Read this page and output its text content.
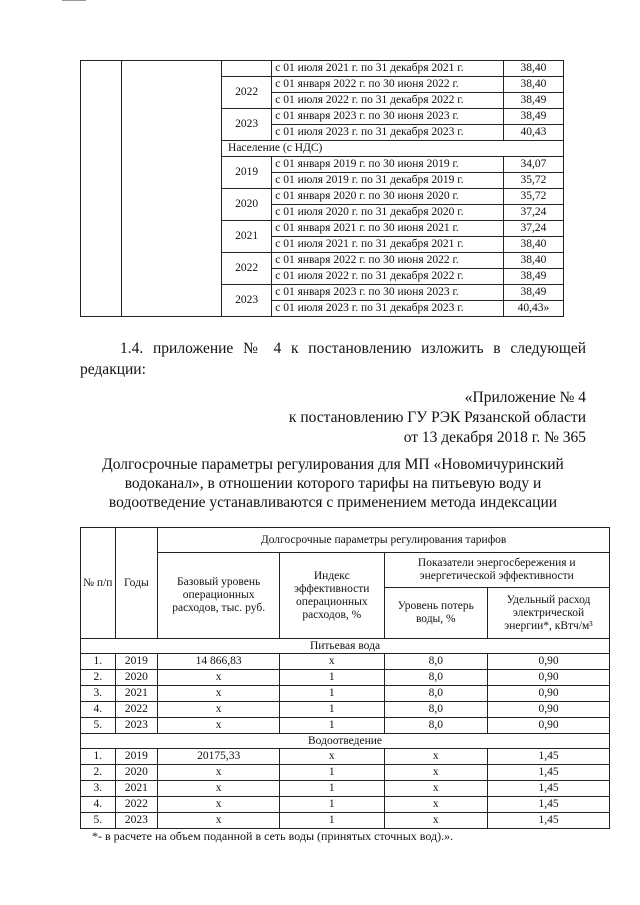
			с 01 июля 2021 г. по 31 декабря 2021 г.	38,40
		2022	с 01 января 2022 г. по 30 июня 2022 г.	38,40
			с 01 июля 2022 г. по 31 декабря 2022 г.	38,49
		2023	с 01 января 2023 г. по 30 июня 2023 г.	38,49
			с 01 июля 2023 г. по 31 декабря 2023 г.	40,43
		Население (с НДС)		
		2019	с 01 января 2019 г. по 30 июня 2019 г.	34,07
			с 01 июля 2019 г. по 31 декабря 2019 г.	35,72
		2020	с 01 января 2020 г. по 30 июня 2020 г.	35,72
			с 01 июля 2020 г. по 31 декабря 2020 г.	37,24
		2021	с 01 января 2021 г. по 30 июня 2021 г.	37,24
			с 01 июля 2021 г. по 31 декабря 2021 г.	38,40
		2022	с 01 января 2022 г. по 30 июня 2022 г.	38,40
			с 01 июля 2022 г. по 31 декабря 2022 г.	38,49
		2023	с 01 января 2023 г. по 30 июня 2023 г.	38,49
			с 01 июля 2023 г. по 31 декабря 2023 г.	40,43»
1.4. приложение № 4 к постановлению изложить в следующей
редакции:
«Приложение № 4
к постановлению ГУ РЭК Рязанской области
от 13 декабря 2018 г. № 365
Долгосрочные параметры регулирования для МП «Новомичуринский
водоканал», в отношении которого тарифы на питьевую воду и
водоотведение устанавливаются с применением метода индексации
№ п/п	Годы	Долгосрочные параметры регулирования тарифов			
		Базовый уровень операционных расходов, тыс. руб.	Индекс эффективности операционных расходов, %	Показатели энергосбережения и энергетической эффективности	
				Уровень потерь воды, %	Удельный расход электрической энергии*, кВтч/м³
Питьевая вода					
1.	2019	14 866,83	x	8,0	0,90
2.	2020	x	1	8,0	0,90
3.	2021	x	1	8,0	0,90
4.	2022	x	1	8,0	0,90
5.	2023	x	1	8,0	0,90
Водоотведение					
1.	2019	20175,33	x	x	1,45
2.	2020	x	1	x	1,45
3.	2021	x	1	x	1,45
4.	2022	x	1	x	1,45
5.	2023	x	1	x	1,45
*- в расчете на объем поданной в сеть воды (принятых сточных вод).».
